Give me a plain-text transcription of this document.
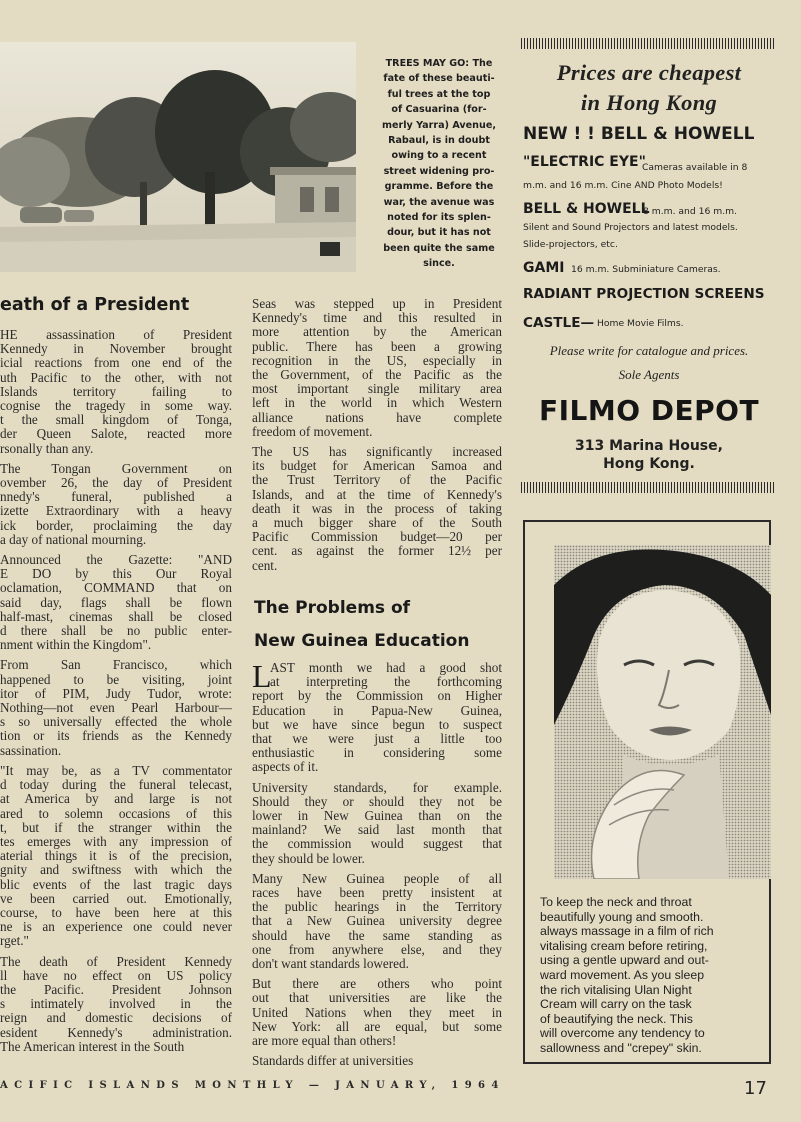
TREES MAY GO: The
fate of these beauti-
ful trees at the top
of Casuarina (for-
merly Yarra) Avenue,
Rabaul, is in doubt
owing to a recent
street widening pro-
gramme. Before the
war, the avenue was
noted for its splen-
dour, but it has not
been quite the same
since.

Prices are cheapest
in Hong Kong
NEW ! ! BELL & HOWELL
"ELECTRIC EYE"
Cameras available in 8
m.m. and 16 m.m. Cine AND Photo Models!
BELL & HOWELL
8 m.m. and 16 m.m.
Silent and Sound Projectors and latest models.
Slide-projectors, etc.
GAMI 16 m.m. Subminiature Cameras.
RADIANT PROJECTION SCREENS
CASTLE— Home Movie Films.
Please write for catalogue and prices.
Sole Agents
FILMO DEPOT
313 Marina House,
Hong Kong.

To keep the neck and throat
beautifully young and smooth.
always massage in a film of rich
vitalising cream before retiring,
using a gentle upward and out-
ward movement. As you sleep
the rich vitalising Ulan Night
Cream will carry on the task
of beautifying the neck. This
will overcome any tendency to
sallowness and "crepey" skin.

eath of a President

HE assassination of President
Kennedy in November brought
icial reactions from one end of the
uth Pacific to the other, with not
Islands territory failing to
cognise the tragedy in some way.
t the small kingdom of Tonga,
der Queen Salote, reacted more
rsonally than any.

The Tongan Government on
ovember 26, the day of President
nnedy's funeral, published a
izette Extraordinary with a heavy
ick border, proclaiming the day
a day of national mourning.

Announced the Gazette: "AND
E DO by this Our Royal
oclamation, COMMAND that on
said day, flags shall be flown
half-mast, cinemas shall be closed
d there shall be no public enter-
nment within the Kingdom".

From San Francisco, which
happened to be visiting, joint
itor of PIM, Judy Tudor, wrote:
Nothing—not even Pearl Harbour—
s so universally effected the whole
tion or its friends as the Kennedy
sassination.

"It may be, as a TV commentator
d today during the funeral telecast,
at America by and large is not
ared to solemn occasions of this
t, but if the stranger within the
tes emerges with any impression of
aterial things it is of the precision,
gnity and swiftness with which the
blic events of the last tragic days
ve been carried out. Emotionally,
course, to have been here at this
ne is an experience one could never
rget."

The death of President Kennedy
ll have no effect on US policy
the Pacific. President Johnson
s intimately involved in the
reign and domestic decisions of
esident Kennedy's administration.
The American interest in the South

Seas was stepped up in President
Kennedy's time and this resulted in
more attention by the American
public. There has been a growing
recognition in the US, especially in
the Government, of the Pacific as the
most important single military area
left in the world in which Western
alliance nations have complete
freedom of movement.

The US has significantly increased
its budget for American Samoa and
the Trust Territory of the Pacific
Islands, and at the time of Kennedy's
death it was in the process of taking
a much bigger share of the South
Pacific Commission budget—20 per
cent. as against the former 12½ per
cent.

The Problems of
New Guinea Education

AST month we had a good shot
at interpreting the forthcoming
report by the Commission on Higher
Education in Papua-New Guinea,
but we have since begun to suspect
that we were just a little too
enthusiastic in considering some
aspects of it.

University standards, for example.
Should they or should they not be
lower in New Guinea than on the
mainland? We said last month that
the commission would suggest that
they should be lower.

Many New Guinea people of all
races have been pretty insistent at
the public hearings in the Territory
that a New Guinea university degree
should have the same standing as
one from anywhere else, and they
don't want standards lowered.

But there are others who point
out that universities are like the
United Nations when they meet in
New York: all are equal, but some
are more equal than others!

Standards differ at universities

L
ACIFIC ISLANDS MONTHLY — JANUARY, 1964	17
